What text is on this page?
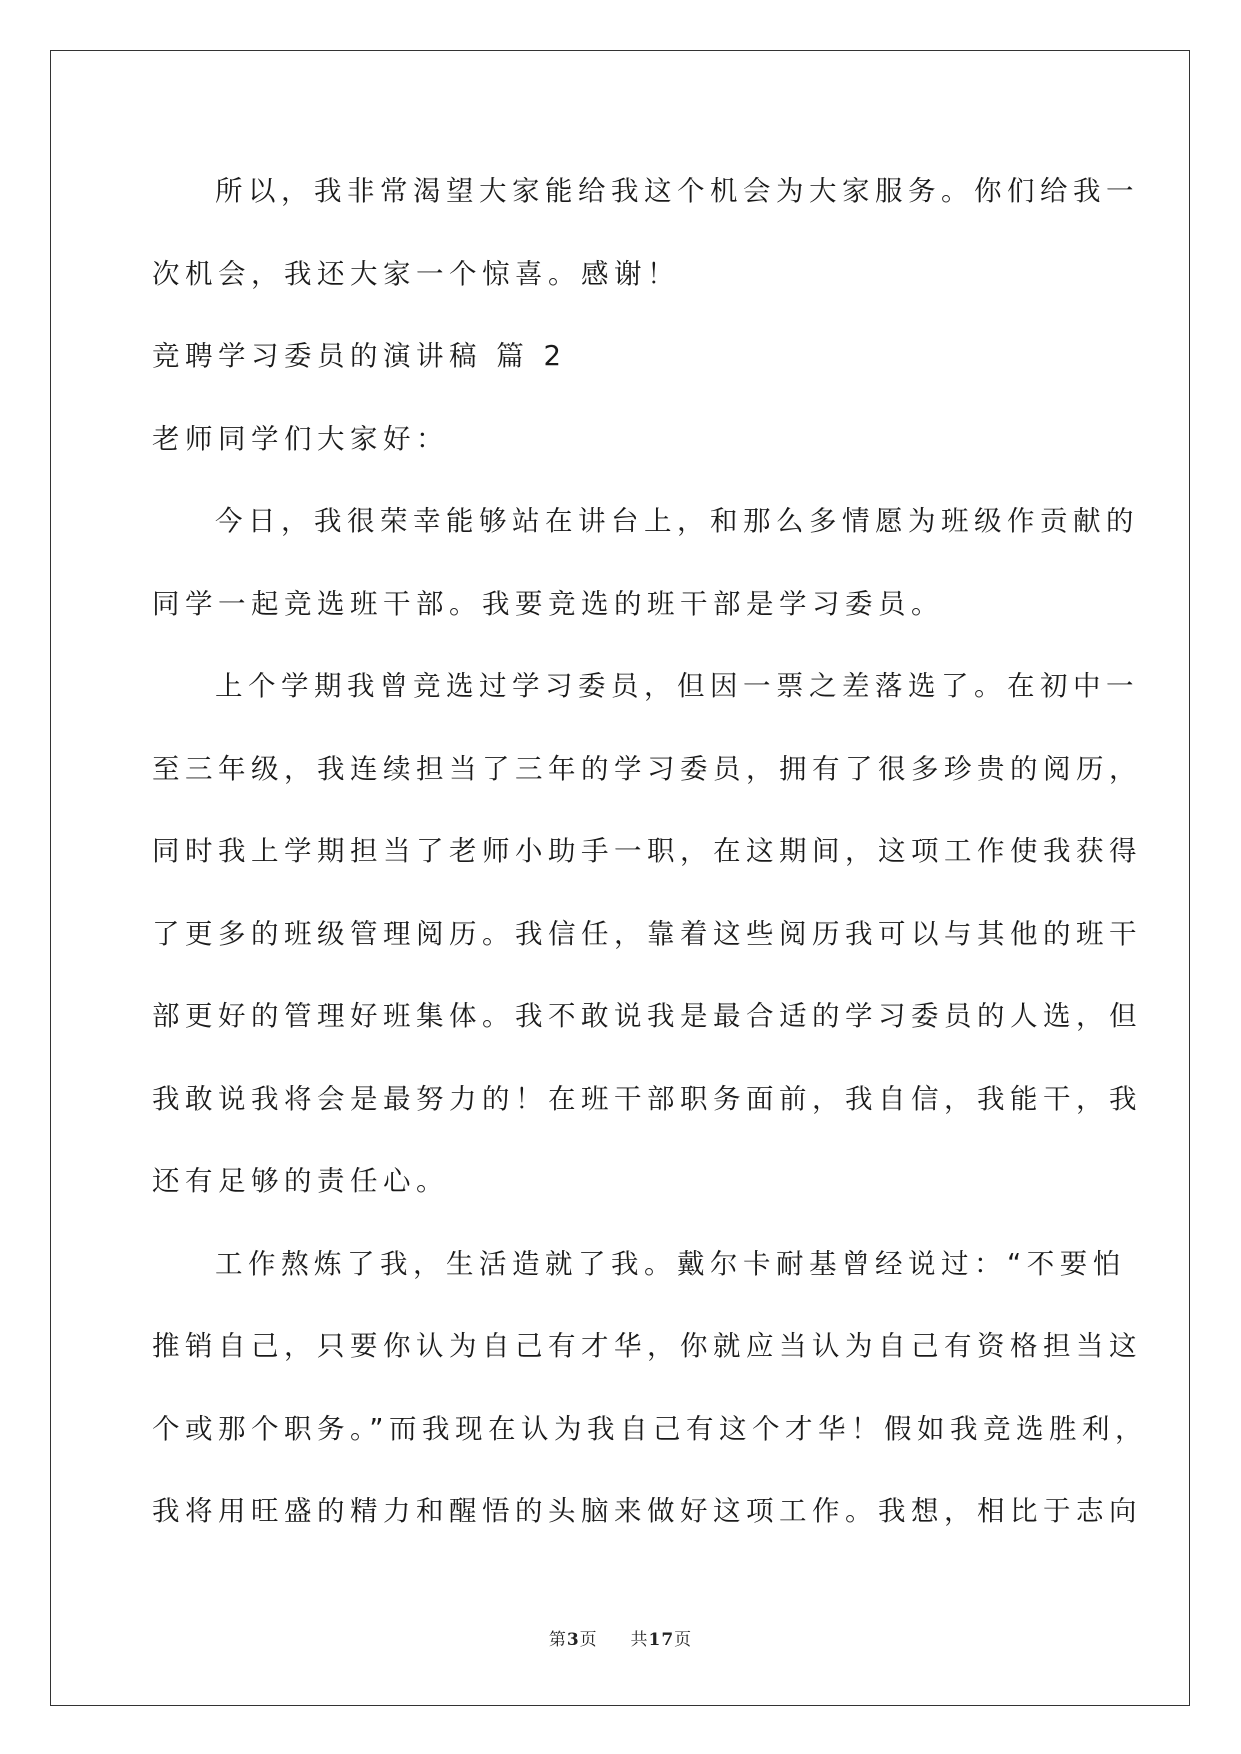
所以，我非常渴望大家能给我这个机会为大家服务。你们给我一
次机会，我还大家一个惊喜。感谢！
竞聘学习委员的演讲稿 篇 2
老师同学们大家好：
今日，我很荣幸能够站在讲台上，和那么多情愿为班级作贡献的
同学一起竞选班干部。我要竞选的班干部是学习委员。
上个学期我曾竞选过学习委员，但因一票之差落选了。在初中一
至三年级，我连续担当了三年的学习委员，拥有了很多珍贵的阅历，
同时我上学期担当了老师小助手一职，在这期间，这项工作使我获得
了更多的班级管理阅历。我信任，靠着这些阅历我可以与其他的班干
部更好的管理好班集体。我不敢说我是最合适的学习委员的人选，但
我敢说我将会是最努力的！在班干部职务面前，我自信，我能干，我
还有足够的责任心。
工作熬炼了我，生活造就了我。戴尔卡耐基曾经说过：“不要怕
推销自己，只要你认为自己有才华，你就应当认为自己有资格担当这
个或那个职务。”而我现在认为我自己有这个才华！假如我竞选胜利，
我将用旺盛的精力和醒悟的头脑来做好这项工作。我想，相比于志向
第3页 共17页
